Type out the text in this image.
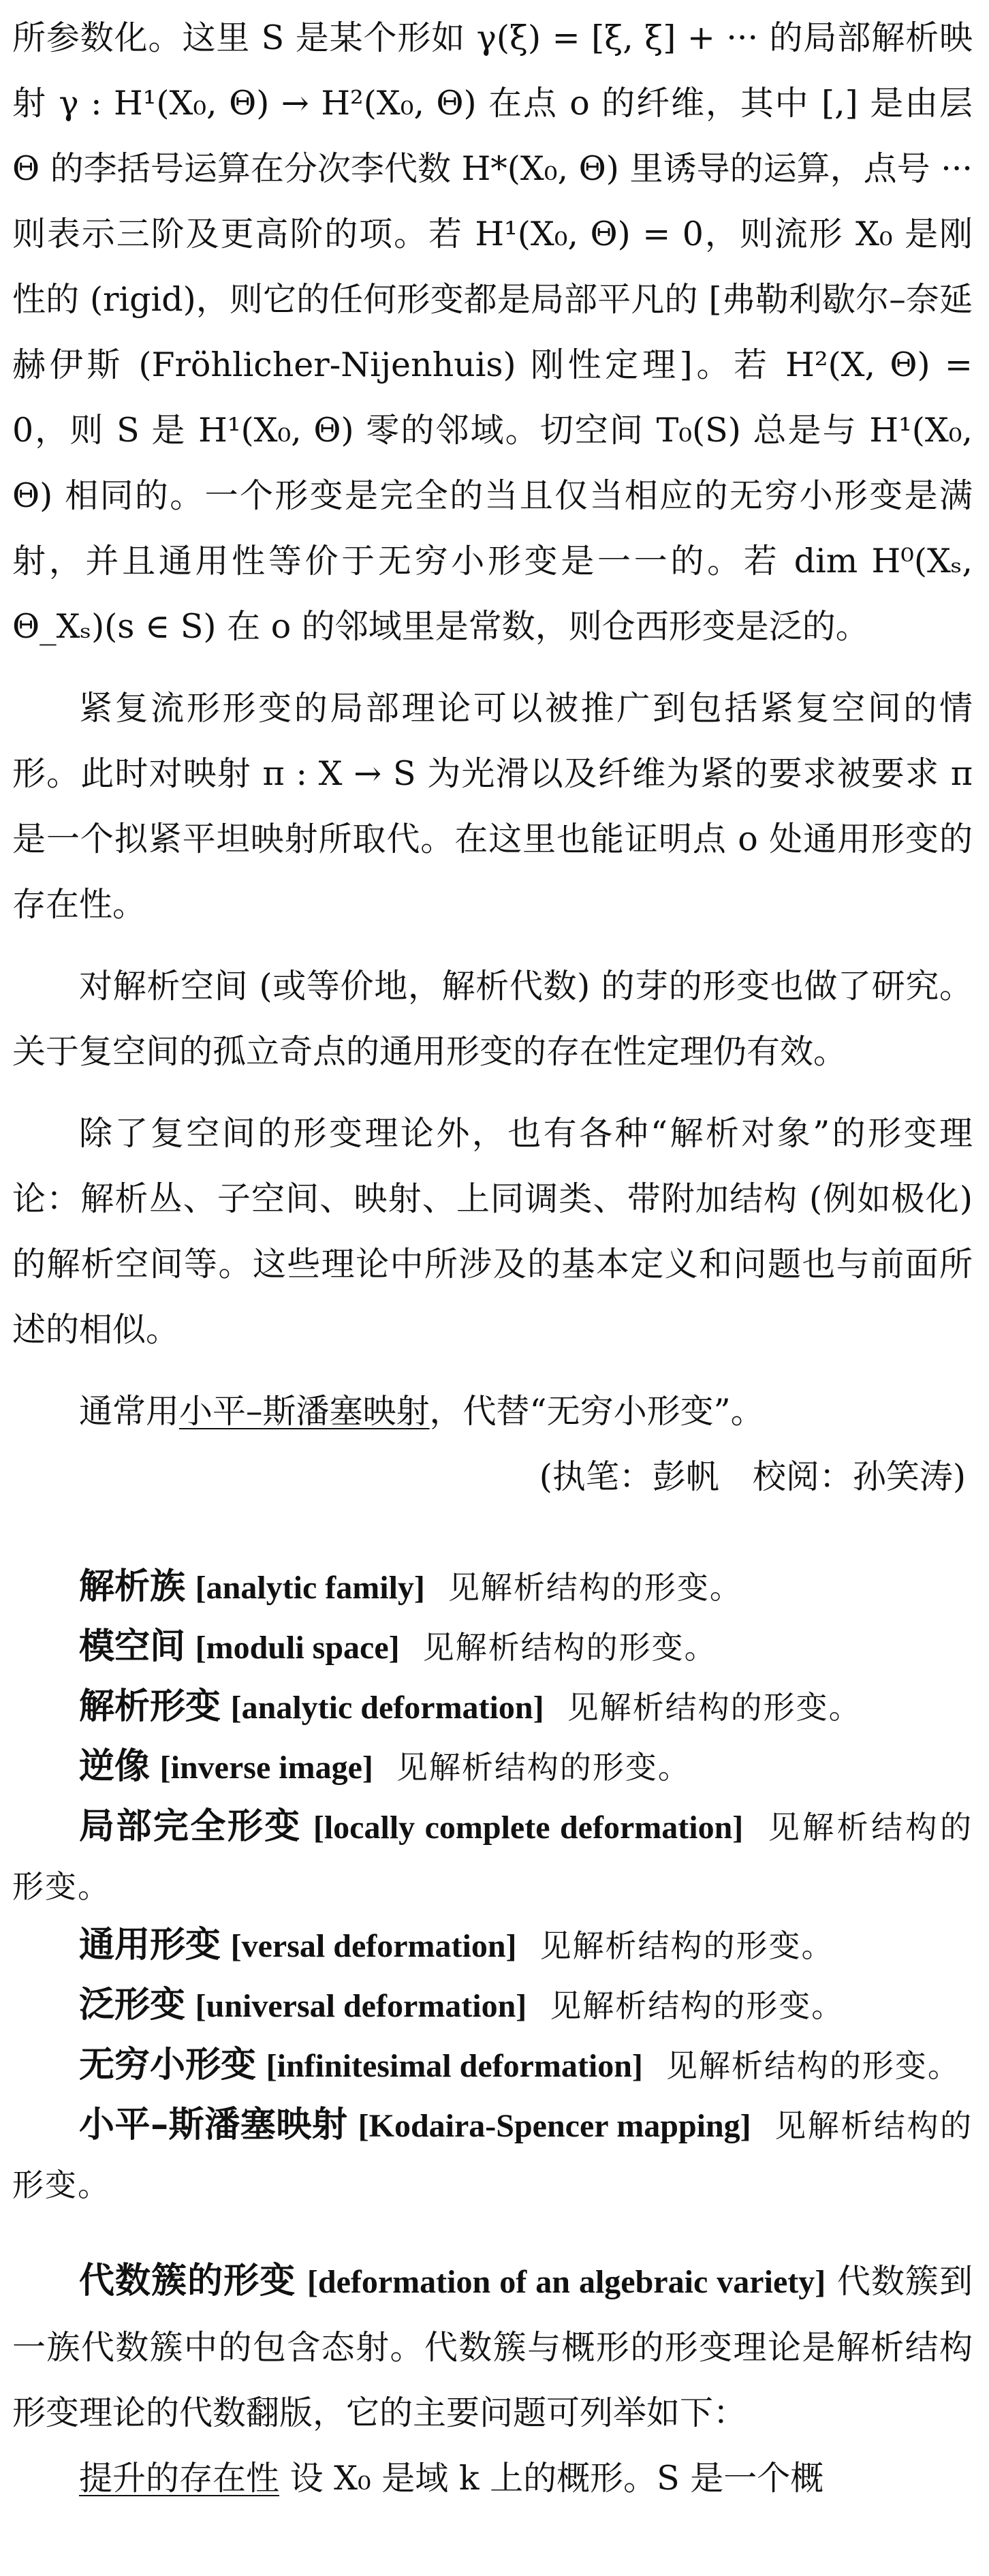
所参数化。这里 S 是某个形如 γ(ξ) = [ξ, ξ] + ··· 的局部解析映射 γ : H¹(X₀, Θ) → H²(X₀, Θ) 在点 o 的纤维，其中 [,] 是由层 Θ 的李括号运算在分次李代数 H*(X₀, Θ) 里诱导的运算，点号 ··· 则表示三阶及更高阶的项。若 H¹(X₀, Θ) = 0，则流形 X₀ 是刚性的 (rigid)，则它的任何形变都是局部平凡的 [弗勒利歇尔–奈延赫伊斯 (Fröhlicher-Nijenhuis) 刚性定理]。若 H²(X, Θ) = 0，则 S 是 H¹(X₀, Θ) 零的邻域。切空间 T₀(S) 总是与 H¹(X₀, Θ) 相同的。一个形变是完全的当且仅当相应的无穷小形变是满射，并且通用性等价于无穷小形变是一一的。若 dim H⁰(Xₛ, Θ_Xₛ)(s ∈ S) 在 o 的邻域里是常数，则仓西形变是泛的。

紧复流形形变的局部理论可以被推广到包括紧复空间的情形。此时对映射 π : X → S 为光滑以及纤维为紧的要求被要求 π 是一个拟紧平坦映射所取代。在这里也能证明点 o 处通用形变的存在性。

对解析空间 (或等价地，解析代数) 的芽的形变也做了研究。关于复空间的孤立奇点的通用形变的存在性定理仍有效。

除了复空间的形变理论外，也有各种“解析对象”的形变理论：解析丛、子空间、映射、上同调类、带附加结构 (例如极化) 的解析空间等。这些理论中所涉及的基本定义和问题也与前面所述的相似。

通常用小平–斯潘塞映射，代替“无穷小形变”。

(执笔：彭帆　校阅：孙笑涛)

解析族 [analytic family] 见解析结构的形变。

模空间 [moduli space] 见解析结构的形变。

解析形变 [analytic deformation] 见解析结构的形变。

逆像 [inverse image] 见解析结构的形变。

局部完全形变 [locally complete deformation] 见解析结构的形变。

通用形变 [versal deformation] 见解析结构的形变。

泛形变 [universal deformation] 见解析结构的形变。

无穷小形变 [infinitesimal deformation] 见解析结构的形变。

小平–斯潘塞映射 [Kodaira-Spencer mapping] 见解析结构的形变。

代数簇的形变 [deformation of an algebraic variety] 代数簇到一族代数簇中的包含态射。代数簇与概形的形变理论是解析结构形变理论的代数翻版，它的主要问题可列举如下：

提升的存在性 设 X₀ 是域 k 上的概形。S 是一个概
